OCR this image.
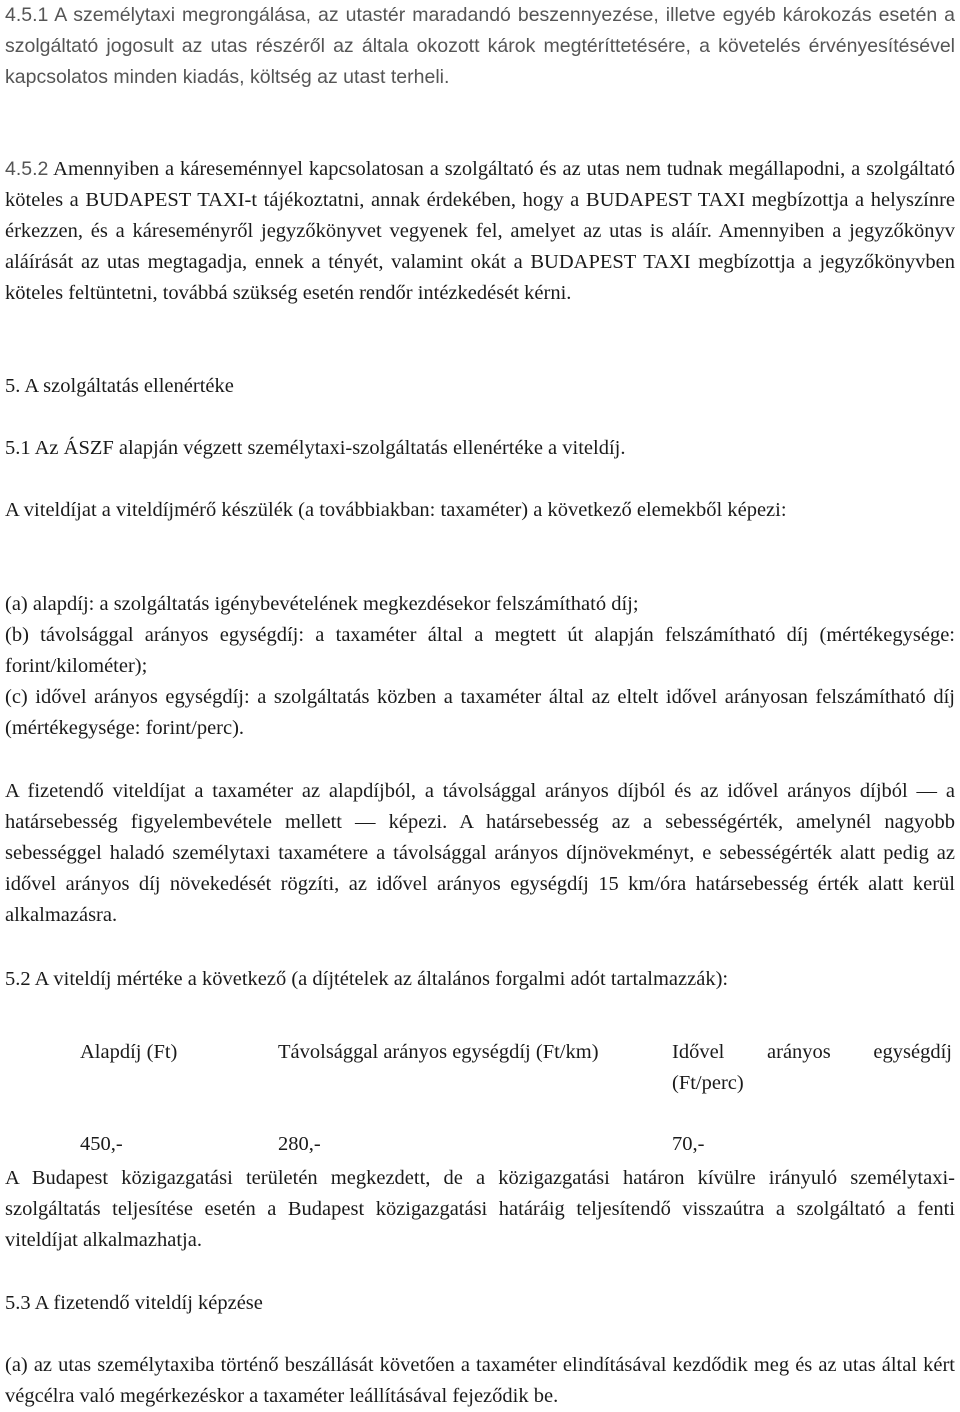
4.5.1 A személytaxi megrongálása, az utastér maradandó beszennyezése, illetve egyéb károkozás esetén a szolgáltató jogosult az utas részéről az általa okozott károk megtéríttetésére, a követelés érvényesítésével kapcsolatos minden kiadás, költség az utast terheli.

4.5.2 Amennyiben a káreseménnyel kapcsolatosan a szolgáltató és az utas nem tudnak megállapodni, a szolgáltató köteles a BUDAPEST TAXI-t tájékoztatni, annak érdekében, hogy a BUDAPEST TAXI megbízottja a helyszínre érkezzen, és a káreseményről jegyzőkönyvet vegyenek fel, amelyet az utas is aláír. Amennyiben a jegyzőkönyv aláírását az utas megtagadja, ennek a tényét, valamint okát a BUDAPEST TAXI megbízottja a jegyzőkönyvben köteles feltüntetni, továbbá szükség esetén rendőr intézkedését kérni.

5. A szolgáltatás ellenértéke

5.1 Az ÁSZF alapján végzett személytaxi-szolgáltatás ellenértéke a viteldíj.

A viteldíjat a viteldíjmérő készülék (a továbbiakban: taxaméter) a következő elemekből képezi:

(a) alapdíj: a szolgáltatás igénybevételének megkezdésekor felszámítható díj;

(b) távolsággal arányos egységdíj: a taxaméter által a megtett út alapján felszámítható díj (mértékegysége: forint/kilométer);

(c) idővel arányos egységdíj: a szolgáltatás közben a taxaméter által az eltelt idővel arányosan felszámítható díj (mértékegysége: forint/perc).

A fizetendő viteldíjat a taxaméter az alapdíjból, a távolsággal arányos díjból és az idővel arányos díjból — a határsebesség figyelembevétele mellett — képezi. A határsebesség az a sebességérték, amelynél nagyobb sebességgel haladó személytaxi taxamétere a távolsággal arányos díjnövekményt, e sebességérték alatt pedig az idővel arányos díj növekedését rögzíti, az idővel arányos egységdíj 15 km/óra határsebesség érték alatt kerül alkalmazásra.

5.2 A viteldíj mértéke a következő (a díjtételek az általános forgalmi adót tartalmazzák):

Alapdíj (Ft)	Távolsággal arányos egységdíj (Ft/km)	Idővel arányos egységdíj (Ft/perc)
450,-	280,-	70,-

A Budapest közigazgatási területén megkezdett, de a közigazgatási határon kívülre irányuló személytaxi-szolgáltatás teljesítése esetén a Budapest közigazgatási határáig teljesítendő visszaútra a szolgáltató a fenti viteldíjat alkalmazhatja.

5.3 A fizetendő viteldíj képzése

(a) az utas személytaxiba történő beszállását követően a taxaméter elindításával kezdődik meg és az utas által kért végcélra való megérkezéskor a taxaméter leállításával fejeződik be.
